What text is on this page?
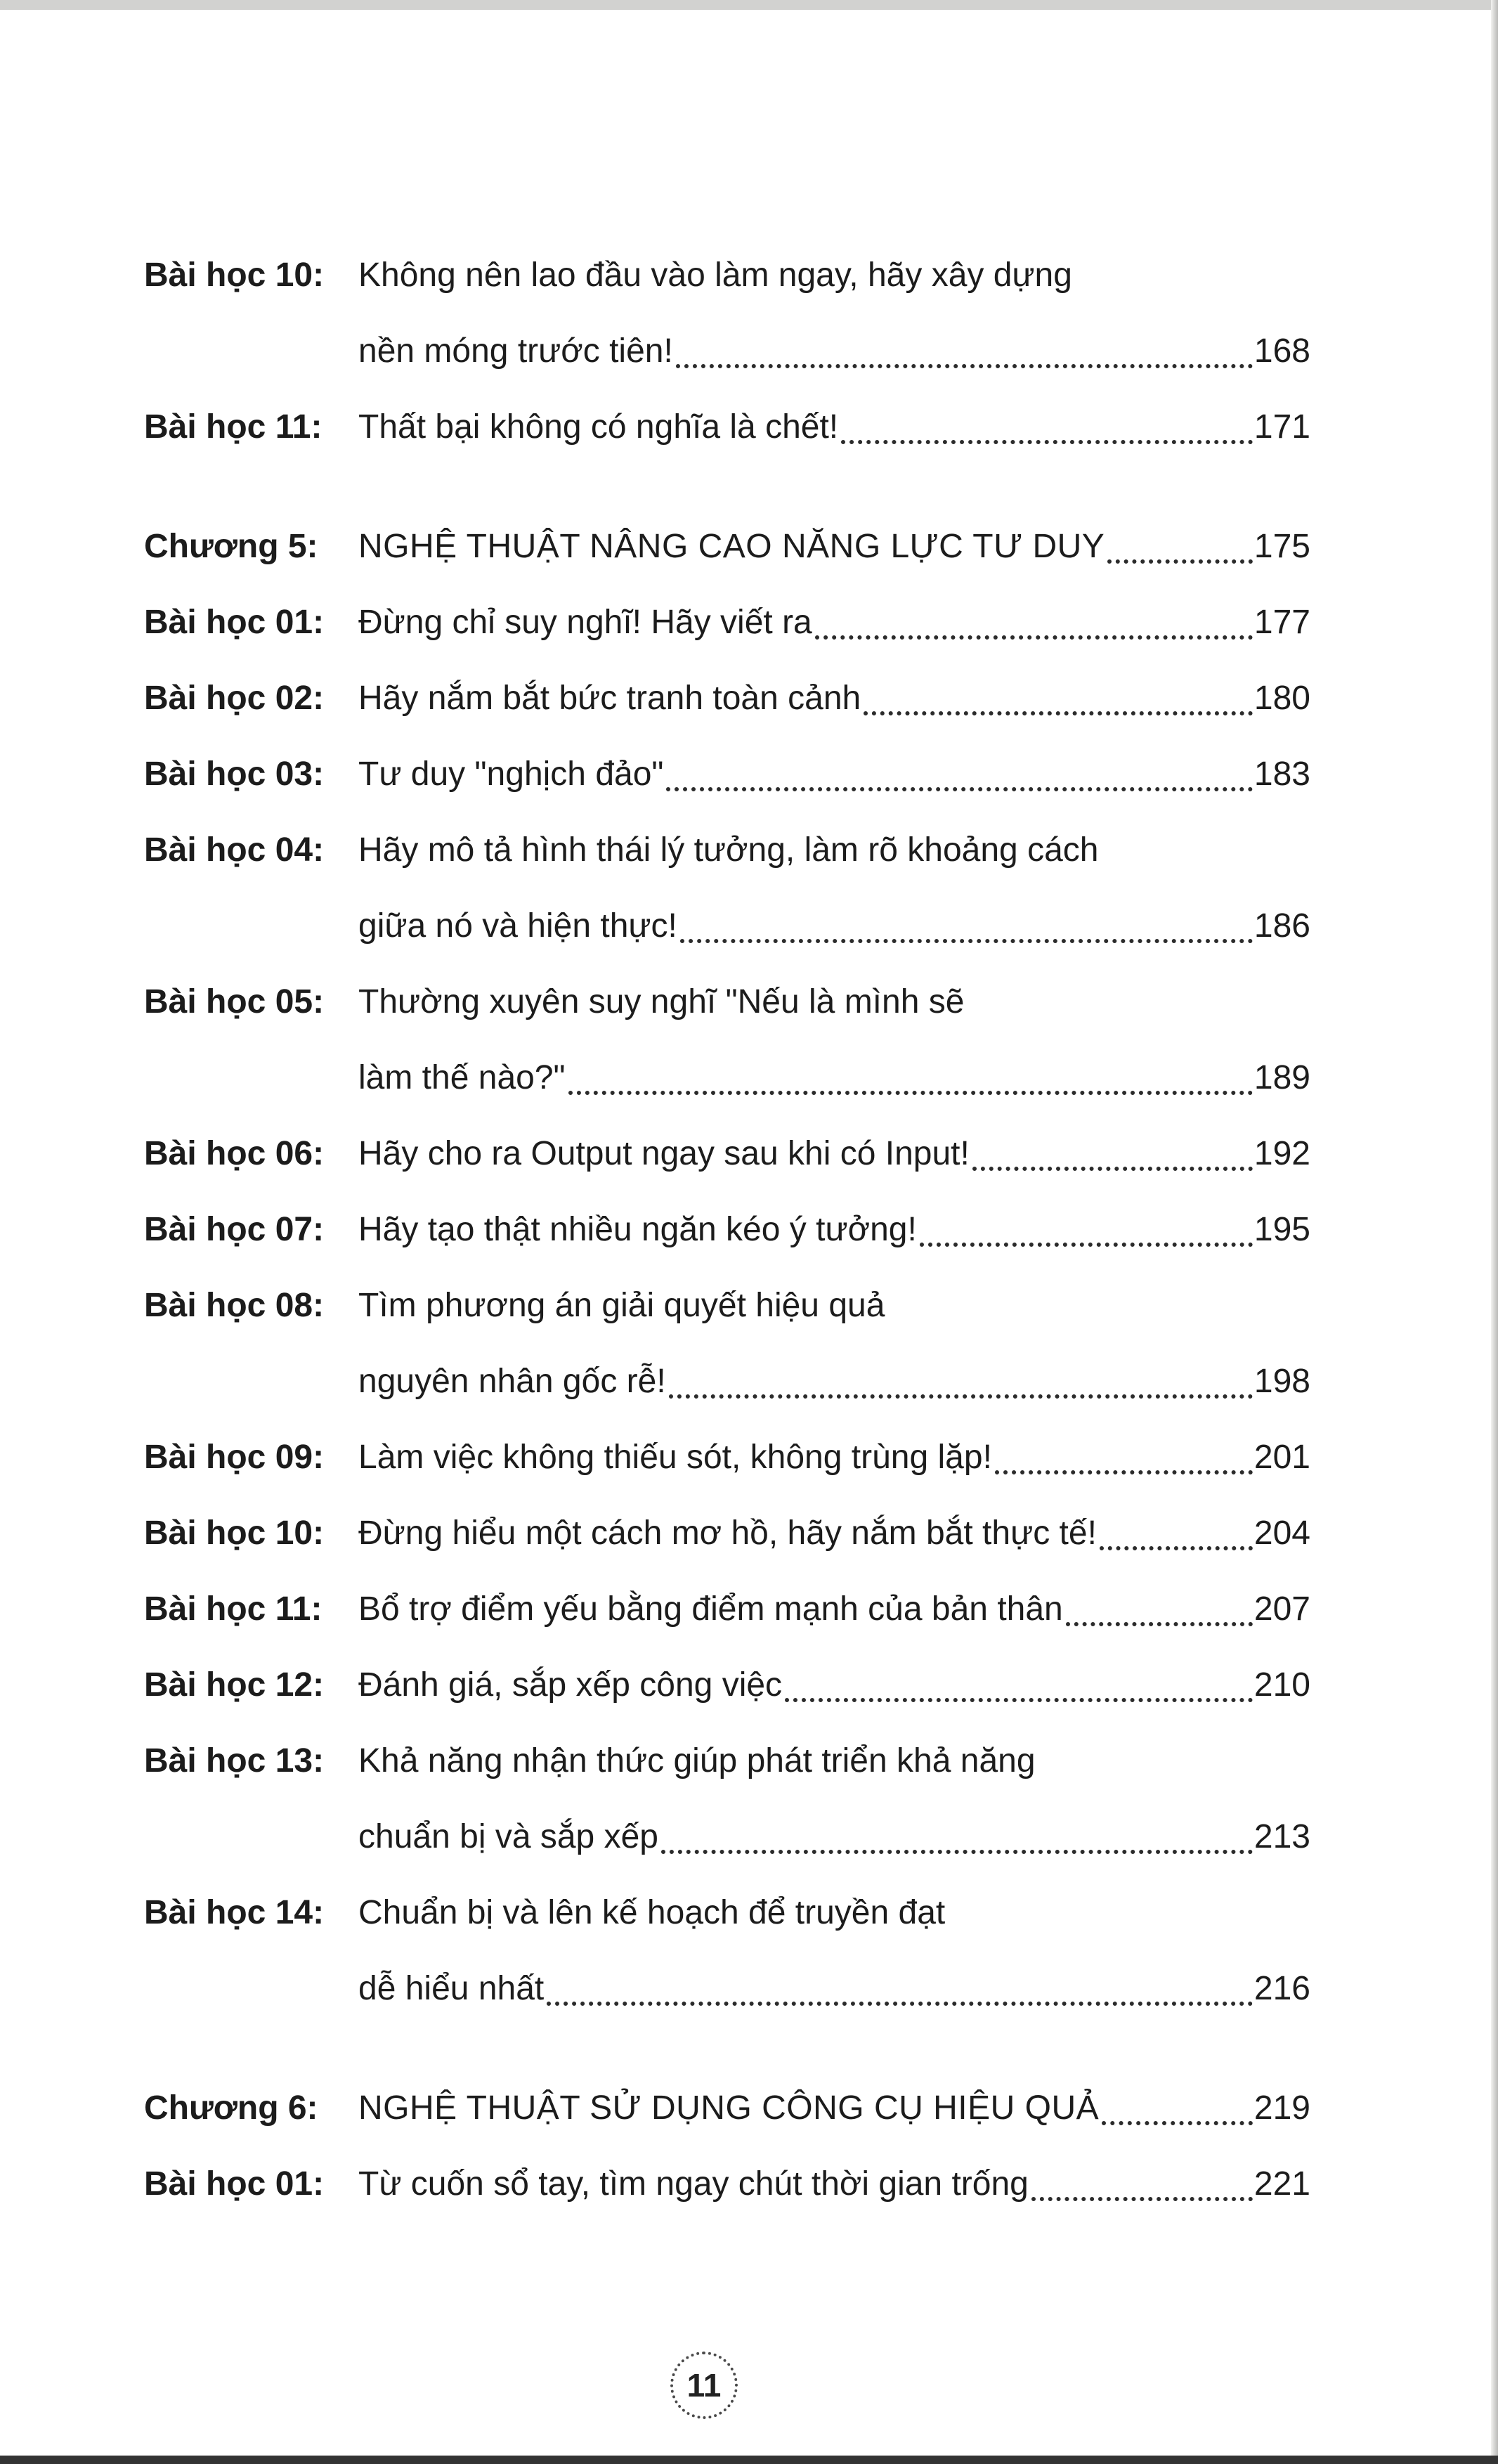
Bài học 10:	Không nên lao đầu vào làm ngay, hãy xây dựng
nền móng trước tiên!	168
Bài học 11:	Thất bại không có nghĩa là chết!	171
Chương 5:	NGHỆ THUẬT NÂNG CAO NĂNG LỰC TƯ DUY	175
Bài học 01:	Đừng chỉ suy nghĩ! Hãy viết ra	177
Bài học 02:	Hãy nắm bắt bức tranh toàn cảnh	180
Bài học 03:	Tư duy "nghịch đảo"	183
Bài học 04:	Hãy mô tả hình thái lý tưởng, làm rõ khoảng cách
giữa nó và hiện thực!	186
Bài học 05:	Thường xuyên suy nghĩ "Nếu là mình sẽ
làm thế nào?"	189
Bài học 06:	Hãy cho ra Output ngay sau khi có Input!	192
Bài học 07:	Hãy tạo thật nhiều ngăn kéo ý tưởng!	195
Bài học 08:	Tìm phương án giải quyết hiệu quả
nguyên nhân gốc rễ!	198
Bài học 09:	Làm việc không thiếu sót, không trùng lặp!	201
Bài học 10:	Đừng hiểu một cách mơ hồ, hãy nắm bắt thực tế!	204
Bài học 11:	Bổ trợ điểm yếu bằng điểm mạnh của bản thân	207
Bài học 12:	Đánh giá, sắp xếp công việc	210
Bài học 13:	Khả năng nhận thức giúp phát triển khả năng
chuẩn bị và sắp xếp	213
Bài học 14:	Chuẩn bị và lên kế hoạch để truyền đạt
dễ hiểu nhất	216
Chương 6:	NGHỆ THUẬT SỬ DỤNG CÔNG CỤ HIỆU QUẢ	219
Bài học 01:	Từ cuốn sổ tay, tìm ngay chút thời gian trống	221
11
